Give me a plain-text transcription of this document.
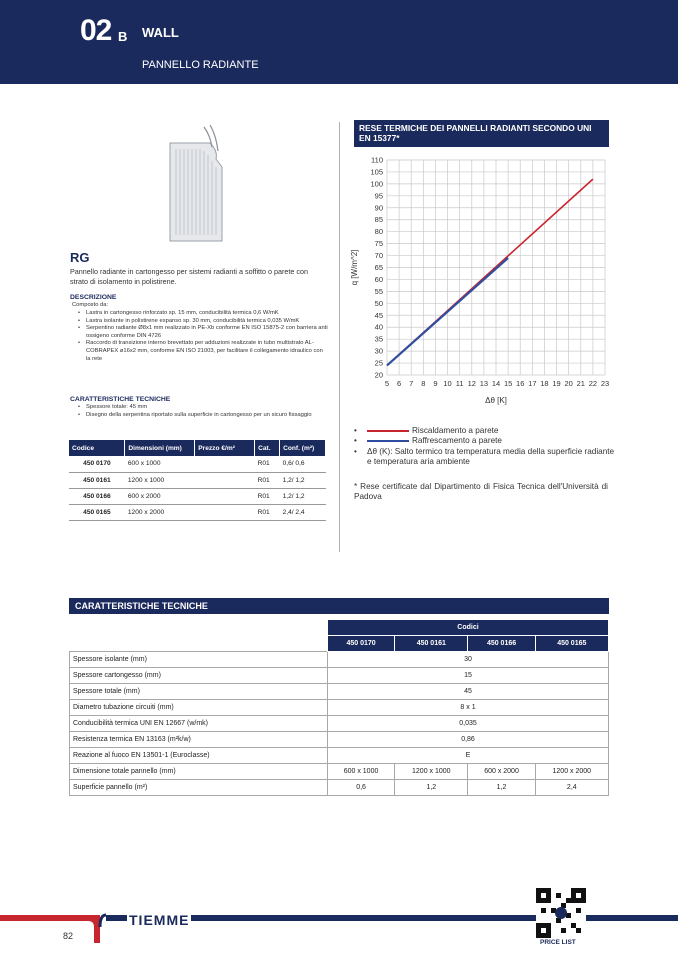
02 B WALL
PANNELLO RADIANTE
RG
Pannello radiante in cartongesso per sistemi radianti a soffitto o parete con strato di isolamento in polistirene.
DESCRIZIONE
Composto da:
• Lastra in cartongesso rinforzato sp. 15 mm, conducibilità termica 0,6 W/mK
• Lastra isolante in polistirene espanso sp. 30 mm, conducibilità termica 0,035 W/mK
• Serpentino radiante Ø8x1 mm realizzato in PE-Xb conforme EN ISO 15875-2 con barriera anti ossigeno conforme DIN 4726
• Raccordo di transizione interno brevettato per adduzioni realizzate in tubo multistrato AL-COBRAPEX ø16x2 mm, conforme EN ISO 21003, per facilitare il collegamento idraulico con la rete
CARATTERISTICHE TECNICHE
• Spessore totale: 45 mm
• Disegno della serpentina riportato sulla superficie in cartongesso per un sicuro fissaggio
Codice	Dimensioni (mm)	Prezzo €/m²	Cat.	Conf. (m²)
450 0170	600 x 1000		R01	0,6/ 0,6
450 0161	1200 x 1000		R01	1,2/ 1,2
450 0166	600 x 2000		R01	1,2/ 1,2
450 0165	1200 x 2000		R01	2,4/ 2,4
RESE TERMICHE DEI PANNELLI RADIANTI SECONDO UNI EN 15377*
5 6 7 8 9 10 11 12 13 14 15 16 17 18 19 20 21 22 23
20
25
30
35
40
45
50
55
60
65
70
75
80
85
90
95
100
105
110
Δθ [K]
q [W/m^2]
•	Riscaldamento a parete
•	Raffrescamento a parete
• Δθ (K): Salto termico tra temperatura media della superficie radiante e temperatura aria ambiente
* Rese certificate dal Dipartimento di Fisica Tecnica dell'Università di Padova
CARATTERISTICHE TECNICHE
	Codici			
	450 0170	450 0161	450 0166	450 0165
Spessore isolante (mm)	30			
Spessore cartongesso (mm)	15			
Spessore totale (mm)	45			
Diametro tubazione circuiti (mm)	8 x 1			
Conducibilità termica UNI EN 12667 (w/mk)	0,035			
Resistenza termica EN 13163 (m²k/w)	0,86			
Reazione al fuoco EN 13501-1 (Euroclasse)	E			
Dimensione totale pannello (mm)	600 x 1000	1200 x 1000	600 x 2000	1200 x 2000
Superficie pannello (m²)	0,6	1,2	1,2	2,4
82
TIEMME
PRICE LIST
